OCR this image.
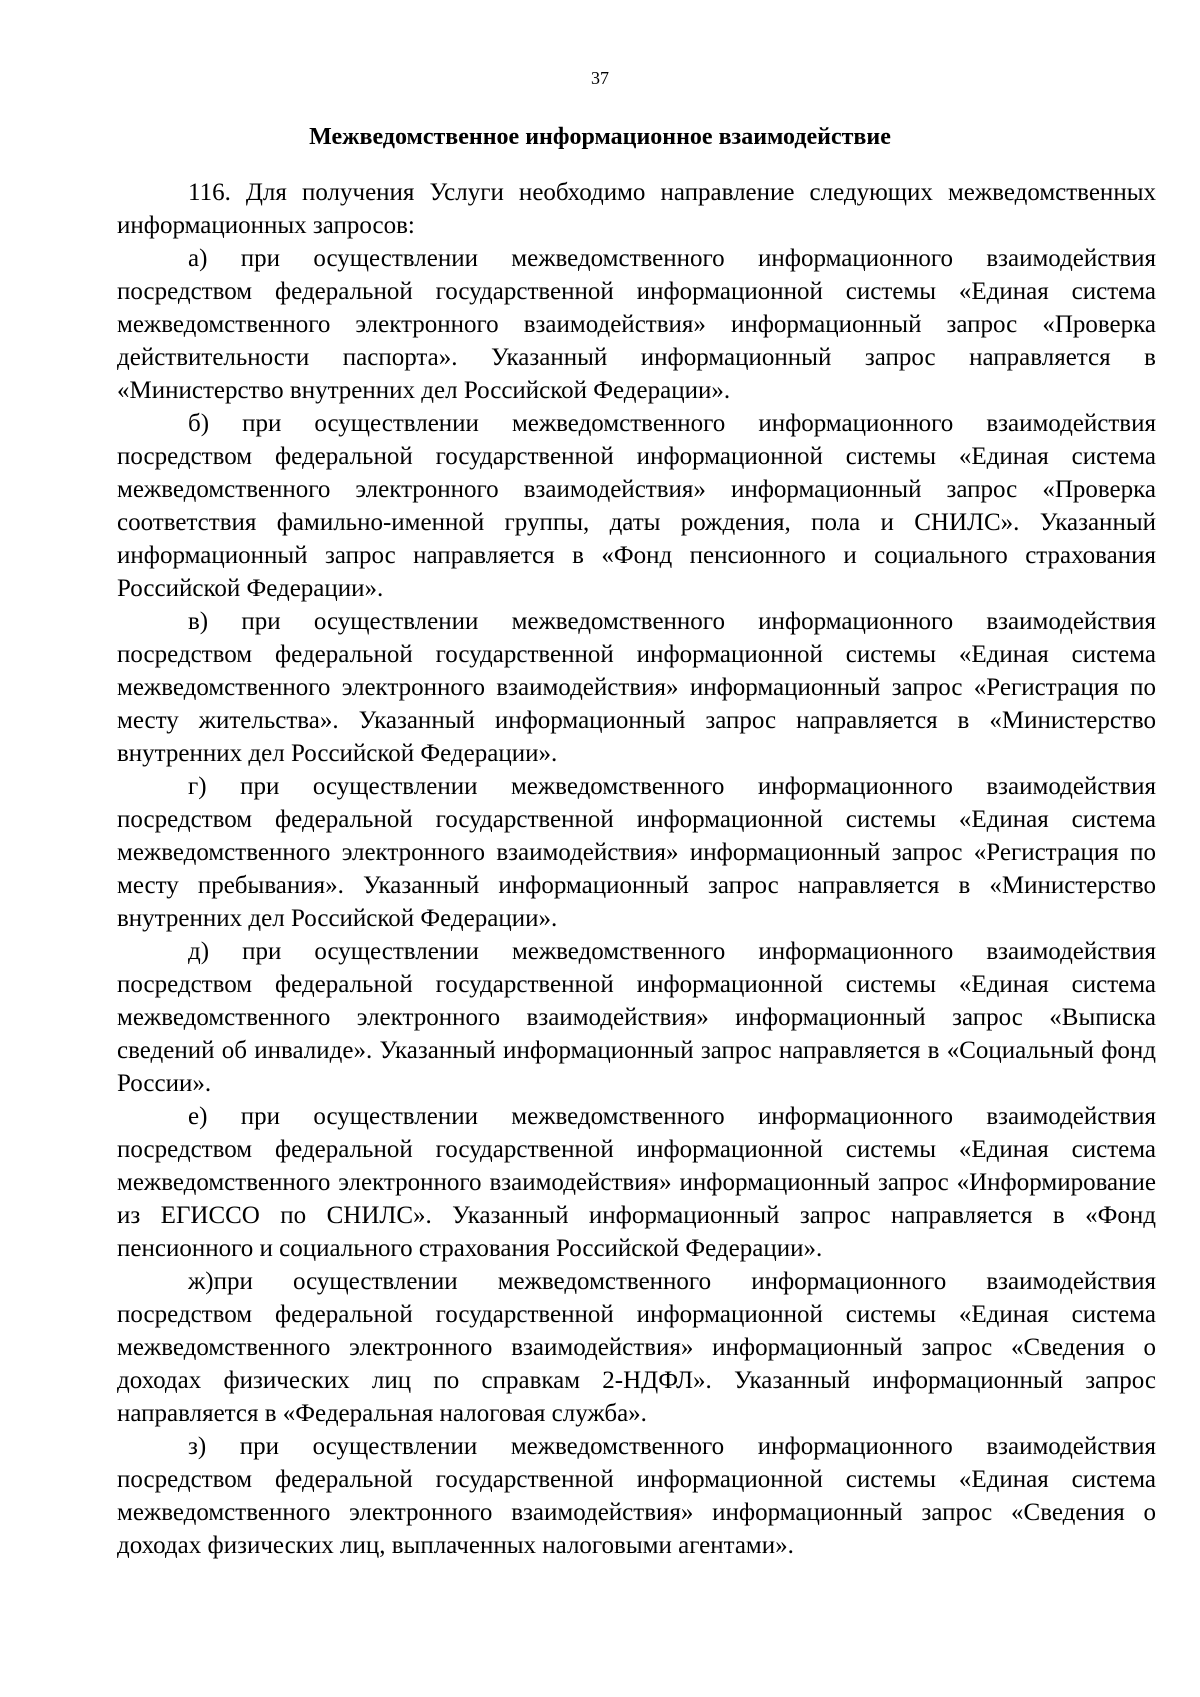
37
Межведомственное информационное взаимодействие

116. Для получения Услуги необходимо направление следующих межведомственных информационных запросов:

а) при осуществлении межведомственного информационного взаимодействия посредством федеральной государственной информационной системы «Единая система межведомственного электронного взаимодействия» информационный запрос «Проверка действительности паспорта». Указанный информационный запрос направляется в «Министерство внутренних дел Российской Федерации».

б) при осуществлении межведомственного информационного взаимодействия посредством федеральной государственной информационной системы «Единая система межведомственного электронного взаимодействия» информационный запрос «Проверка соответствия фамильно-именной группы, даты рождения, пола и СНИЛС». Указанный информационный запрос направляется в «Фонд пенсионного и социального страхования Российской Федерации».

в) при осуществлении межведомственного информационного взаимодействия посредством федеральной государственной информационной системы «Единая система межведомственного электронного взаимодействия» информационный запрос «Регистрация по месту жительства». Указанный информационный запрос направляется в «Министерство внутренних дел Российской Федерации».

г) при осуществлении межведомственного информационного взаимодействия посредством федеральной государственной информационной системы «Единая система межведомственного электронного взаимодействия» информационный запрос «Регистрация по месту пребывания». Указанный информационный запрос направляется в «Министерство внутренних дел Российской Федерации».

д) при осуществлении межведомственного информационного взаимодействия посредством федеральной государственной информационной системы «Единая система межведомственного электронного взаимодействия» информационный запрос «Выписка сведений об инвалиде». Указанный информационный запрос направляется в «Социальный фонд России».

е) при осуществлении межведомственного информационного взаимодействия посредством федеральной государственной информационной системы «Единая система межведомственного электронного взаимодействия» информационный запрос «Информирование из ЕГИССО по СНИЛС». Указанный информационный запрос направляется в «Фонд пенсионного и социального страхования Российской Федерации».

ж)при осуществлении межведомственного информационного взаимодействия посредством федеральной государственной информационной системы «Единая система межведомственного электронного взаимодействия» информационный запрос «Сведения о доходах физических лиц по справкам 2-НДФЛ». Указанный информационный запрос направляется в «Федеральная налоговая служба».

з) при осуществлении межведомственного информационного взаимодействия посредством федеральной государственной информационной системы «Единая система межведомственного электронного взаимодействия» информационный запрос «Сведения о доходах физических лиц, выплаченных налоговыми агентами».
